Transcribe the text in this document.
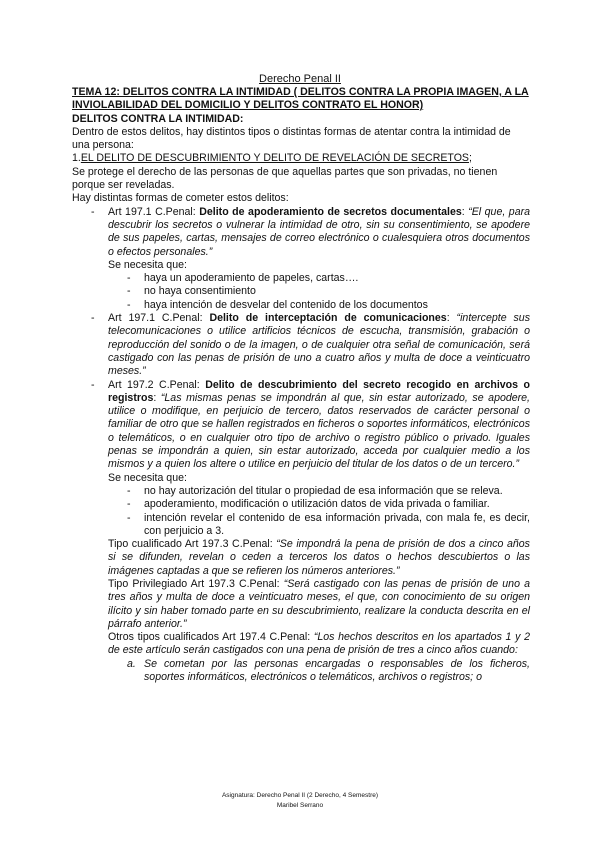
Derecho Penal II

TEMA 12: DELITOS CONTRA LA INTIMIDAD ( DELITOS CONTRA LA PROPIA IMAGEN, A LA INVIOLABILIDAD DEL DOMICILIO Y DELITOS CONTRATO EL HONOR)

DELITOS CONTRA LA INTIMIDAD:

Dentro de estos delitos, hay distintos tipos o distintas formas de atentar contra la intimidad de una persona:

1.EL DELITO DE DESCUBRIMIENTO Y DELITO DE REVELACIÓN DE SECRETOS;

Se protege el derecho de las personas de que aquellas partes que son privadas, no tienen porque ser reveladas.

Hay distintas formas de cometer estos delitos:

- Art 197.1 C.Penal: Delito de apoderamiento de secretos documentales: “El que, para descubrir los secretos o vulnerar la intimidad de otro, sin su consentimiento, se apodere de sus papeles, cartas, mensajes de correo electrónico o cualesquiera otros documentos o efectos personales.”

Se necesita que:

- haya un apoderamiento de papeles, cartas….
- no haya consentimiento
- haya intención de desvelar del contenido de los documentos
- Art 197.1 C.Penal: Delito de interceptación de comunicaciones: “intercepte sus telecomunicaciones o utilice artificios técnicos de escucha, transmisión, grabación o reproducción del sonido o de la imagen, o de cualquier otra señal de comunicación, será castigado con las penas de prisión de uno a cuatro años y multa de doce a veinticuatro meses.”
- Art 197.2 C.Penal: Delito de descubrimiento del secreto recogido en archivos o registros: “Las mismas penas se impondrán al que, sin estar autorizado, se apodere, utilice o modifique, en perjuicio de tercero, datos reservados de carácter personal o familiar de otro que se hallen registrados en ficheros o soportes informáticos, electrónicos o telemáticos, o en cualquier otro tipo de archivo o registro público o privado. Iguales penas se impondrán a quien, sin estar autorizado, acceda por cualquier medio a los mismos y a quien los altere o utilice en perjuicio del titular de los datos o de un tercero.”

Se necesita que:

- no hay autorización del titular o propiedad de esa información que se releva.
- apoderamiento, modificación o utilización datos de vida privada o familiar.
- intención revelar el contenido de esa información privada, con mala fe, es decir, con perjuicio a 3.

Tipo cualificado Art 197.3 C.Penal: “Se impondrá la pena de prisión de dos a cinco años si se difunden, revelan o ceden a terceros los datos o hechos descubiertos o las imágenes captadas a que se refieren los números anteriores.”

Tipo Privilegiado Art 197.3 C.Penal: “Será castigado con las penas de prisión de uno a tres años y multa de doce a veinticuatro meses, el que, con conocimiento de su origen ilícito y sin haber tomado parte en su descubrimiento, realizare la conducta descrita en el párrafo anterior.”

Otros tipos cualificados Art 197.4 C.Penal: “Los hechos descritos en los apartados 1 y 2 de este artículo serán castigados con una pena de prisión de tres a cinco años cuando:

a. Se cometan por las personas encargadas o responsables de los ficheros, soportes informáticos, electrónicos o telemáticos, archivos o registros; o
Asignatura: Derecho Penal II (2 Derecho, 4 Semestre)
Maribel Serrano
